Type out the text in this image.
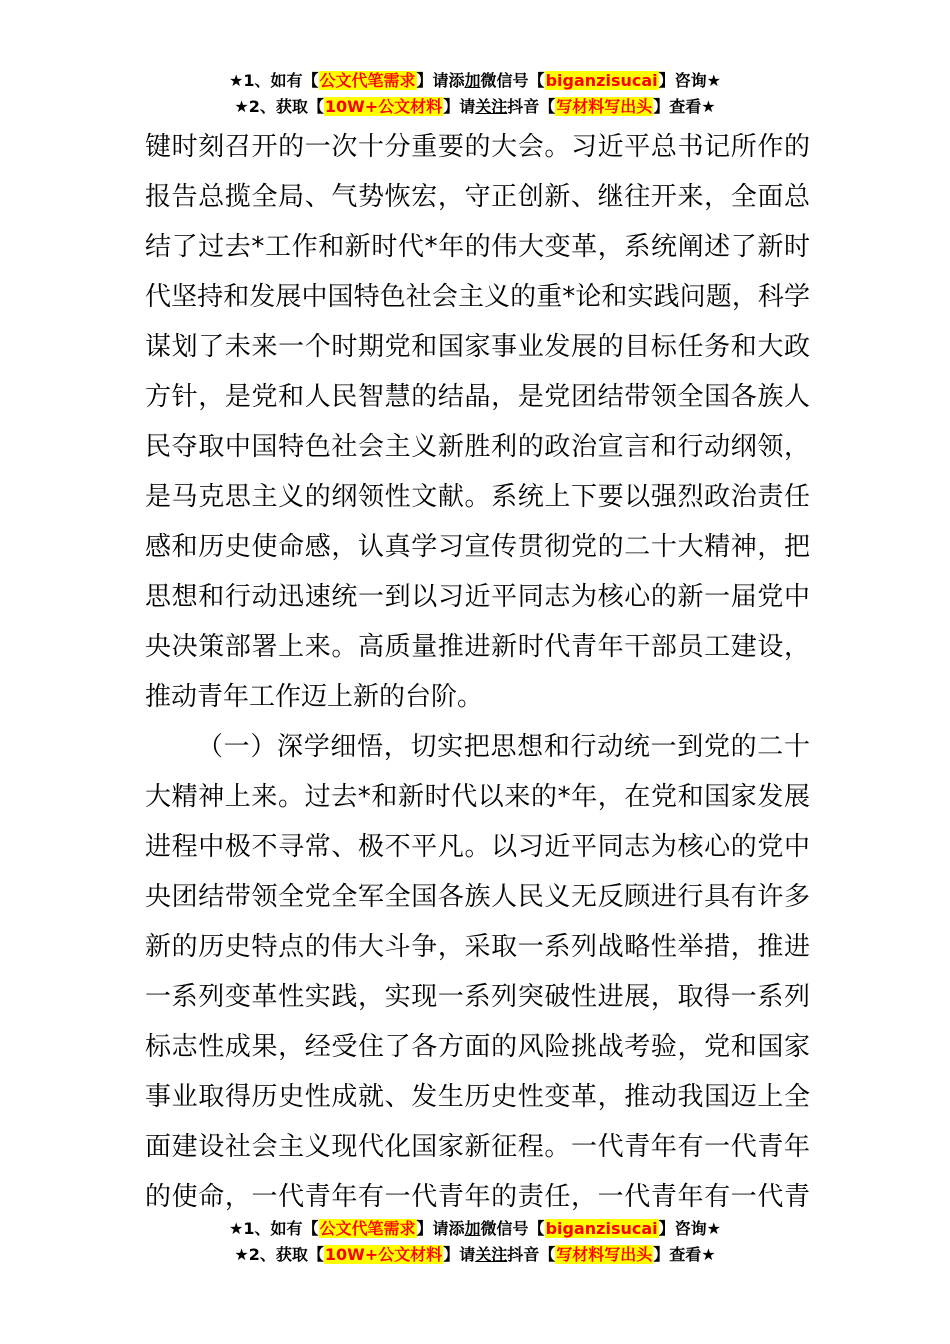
★1、如有【公文代笔需求】请添加微信号【biganzisucai】咨询★
★2、获取【10W+公文材料】请关注抖音【写材料写出头】查看★
键时刻召开的一次十分重要的大会。习近平总书记所作的
报告总揽全局、气势恢宏，守正创新、继往开来，全面总
结了过去*工作和新时代*年的伟大变革，系统阐述了新时
代坚持和发展中国特色社会主义的重*论和实践问题，科学
谋划了未来一个时期党和国家事业发展的目标任务和大政
方针，是党和人民智慧的结晶，是党团结带领全国各族人
民夺取中国特色社会主义新胜利的政治宣言和行动纲领，
是马克思主义的纲领性文献。系统上下要以强烈政治责任
感和历史使命感，认真学习宣传贯彻党的二十大精神，把
思想和行动迅速统一到以习近平同志为核心的新一届党中
央决策部署上来。高质量推进新时代青年干部员工建设，
推动青年工作迈上新的台阶。
（一）深学细悟，切实把思想和行动统一到党的二十
大精神上来。过去*和新时代以来的*年，在党和国家发展
进程中极不寻常、极不平凡。以习近平同志为核心的党中
央团结带领全党全军全国各族人民义无反顾进行具有许多
新的历史特点的伟大斗争，采取一系列战略性举措，推进
一系列变革性实践，实现一系列突破性进展，取得一系列
标志性成果，经受住了各方面的风险挑战考验，党和国家
事业取得历史性成就、发生历史性变革，推动我国迈上全
面建设社会主义现代化国家新征程。一代青年有一代青年
的使命，一代青年有一代青年的责任，一代青年有一代青
★1、如有【公文代笔需求】请添加微信号【biganzisucai】咨询★
★2、获取【10W+公文材料】请关注抖音【写材料写出头】查看★
